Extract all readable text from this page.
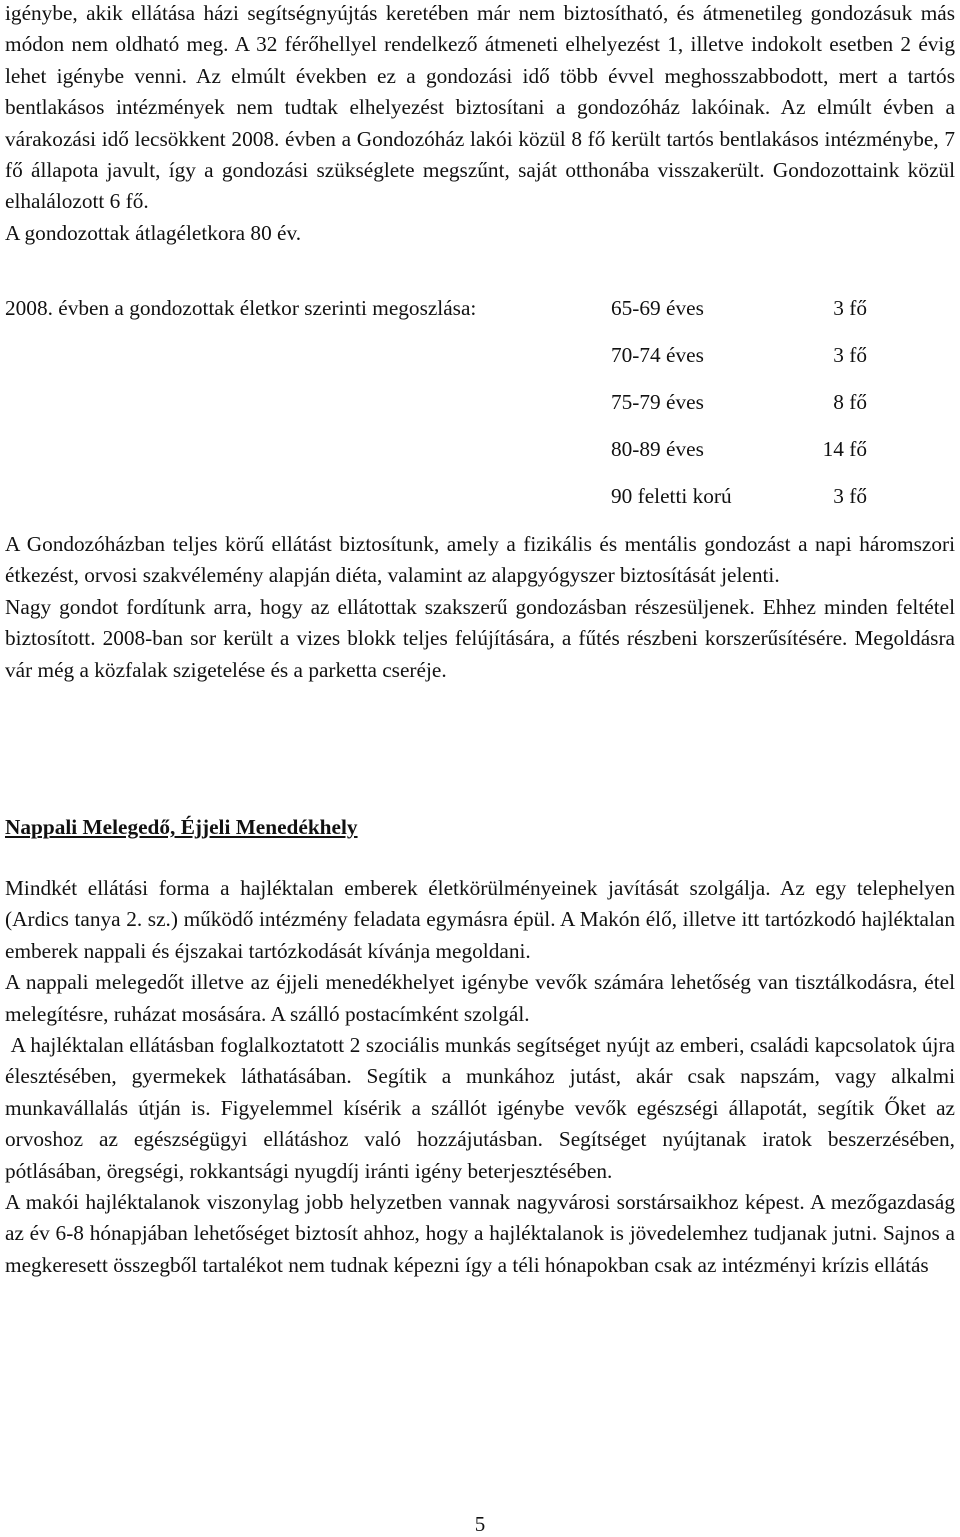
igénybe, akik ellátása házi segítségnyújtás keretében már nem biztosítható, és átmenetileg gondozásuk más módon nem oldható meg. A 32 férőhellyel rendelkező átmeneti elhelyezést 1, illetve indokolt esetben 2 évig lehet igénybe venni. Az elmúlt években ez a gondozási idő több évvel meghosszabbodott, mert a tartós bentlakásos intézmények nem tudtak elhelyezést biztosítani a gondozóház lakóinak. Az elmúlt évben a várakozási idő lecsökkent 2008. évben a Gondozóház lakói közül 8 fő került tartós bentlakásos intézménybe, 7 fő állapota javult, így a gondozási szükséglete megszűnt, saját otthonába visszakerült. Gondozottaink közül elhalálozott 6 fő.

A gondozottak átlagéletkora 80 év.

2008. évben a gondozottak életkor szerinti megoszlása:	65-69 éves	3 fő
70-74 éves	3 fő
75-79 éves	8 fő
80-89 éves	14 fő
90 feletti korú	3 fő

A Gondozóházban teljes körű ellátást biztosítunk, amely a fizikális és mentális gondozást a napi háromszori étkezést, orvosi szakvélemény alapján diéta, valamint az alapgyógyszer biztosítását jelenti.

Nagy gondot fordítunk arra, hogy az ellátottak szakszerű gondozásban részesüljenek. Ehhez minden feltétel biztosított. 2008-ban sor került a vizes blokk teljes felújítására, a fűtés részbeni korszerűsítésére. Megoldásra vár még a közfalak szigetelése és a parketta cseréje.

Nappali Melegedő, Éjjeli Menedékhely

Mindkét ellátási forma a hajléktalan emberek életkörülményeinek javítását szolgálja. Az egy telephelyen (Ardics tanya 2. sz.) működő intézmény feladata egymásra épül. A Makón élő, illetve itt tartózkodó hajléktalan emberek nappali és éjszakai tartózkodását kívánja megoldani.

A nappali melegedőt illetve az éjjeli menedékhelyet igénybe vevők számára lehetőség van tisztálkodásra, étel melegítésre, ruházat mosására. A szálló postacímként szolgál.

A hajléktalan ellátásban foglalkoztatott 2 szociális munkás segítséget nyújt az emberi, családi kapcsolatok újra élesztésében, gyermekek láthatásában. Segítik a munkához jutást, akár csak napszám, vagy alkalmi munkavállalás útján is. Figyelemmel kísérik a szállót igénybe vevők egészségi állapotát, segítik Őket az orvoshoz az egészségügyi ellátáshoz való hozzájutásban. Segítséget nyújtanak iratok beszerzésében, pótlásában, öregségi, rokkantsági nyugdíj iránti igény beterjesztésében.

A makói hajléktalanok viszonylag jobb helyzetben vannak nagyvárosi sorstársaikhoz képest. A mezőgazdaság az év 6-8 hónapjában lehetőséget biztosít ahhoz, hogy a hajléktalanok is jövedelemhez tudjanak jutni. Sajnos a megkeresett összegből tartalékot nem tudnak képezni így a téli hónapokban csak az intézményi krízis ellátás

5
